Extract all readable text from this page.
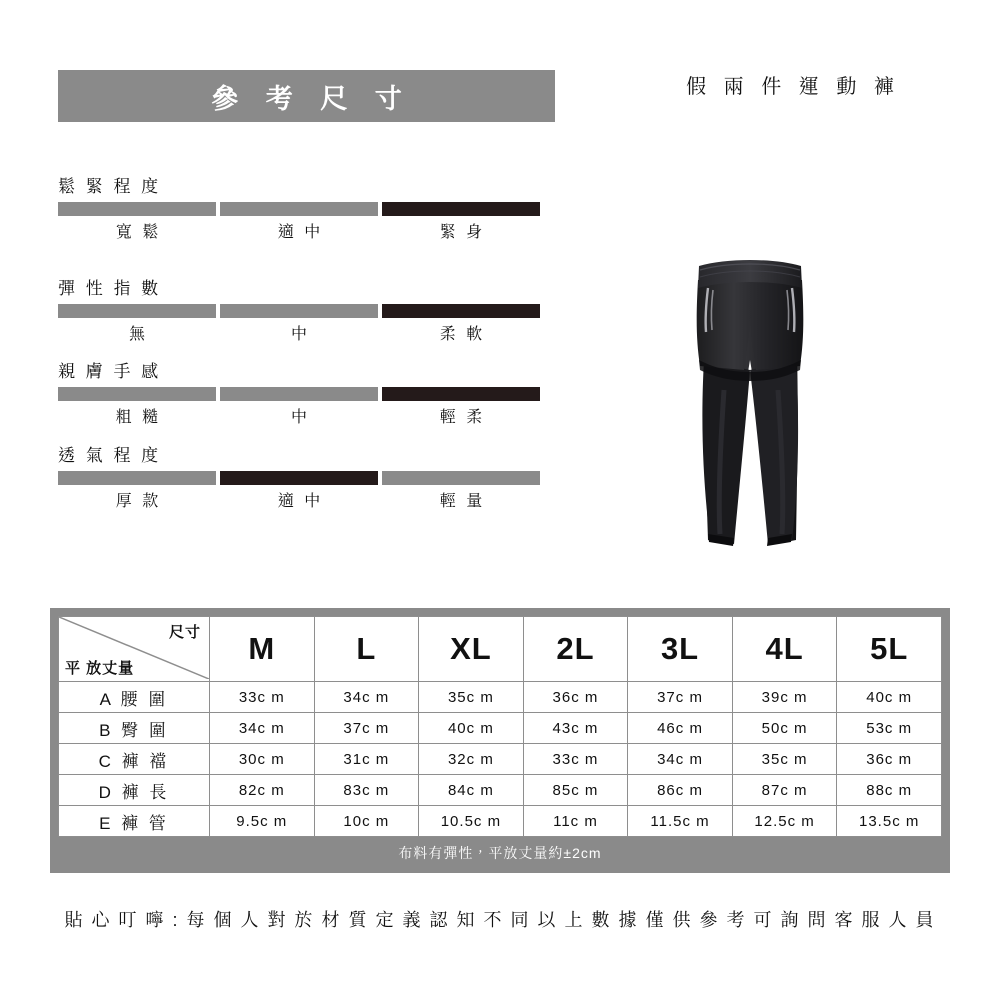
參 考 尺 寸	假 兩 件 運 動 褲
鬆 緊 程 度
寬 鬆	適 中	緊 身
彈 性 指 數
無	中	柔 軟
親 膚 手 感
粗 糙	中	輕 柔
透 氣 程 度
厚 款	適 中	輕 量
尺寸
平 放丈量	M	L	XL	2L	3L	4L	5L
A 腰 圍	33c m	34c m	35c m	36c m	37c m	39c m	40c m
B 臀 圍	34c m	37c m	40c m	43c m	46c m	50c m	53c m
C 褲 襠	30c m	31c m	32c m	33c m	34c m	35c m	36c m
D 褲 長	82c m	83c m	84c m	85c m	86c m	87c m	88c m
E 褲 管	9.5c m	10c m	10.5c m	11c m	11.5c m	12.5c m	13.5c m
布料有彈性，平放丈量約±2cm
貼 心 叮 嚀 : 每 個 人 對 於 材 質 定 義 認 知 不 同 以 上 數 據 僅 供 參 考 可 詢 問 客 服 人 員
